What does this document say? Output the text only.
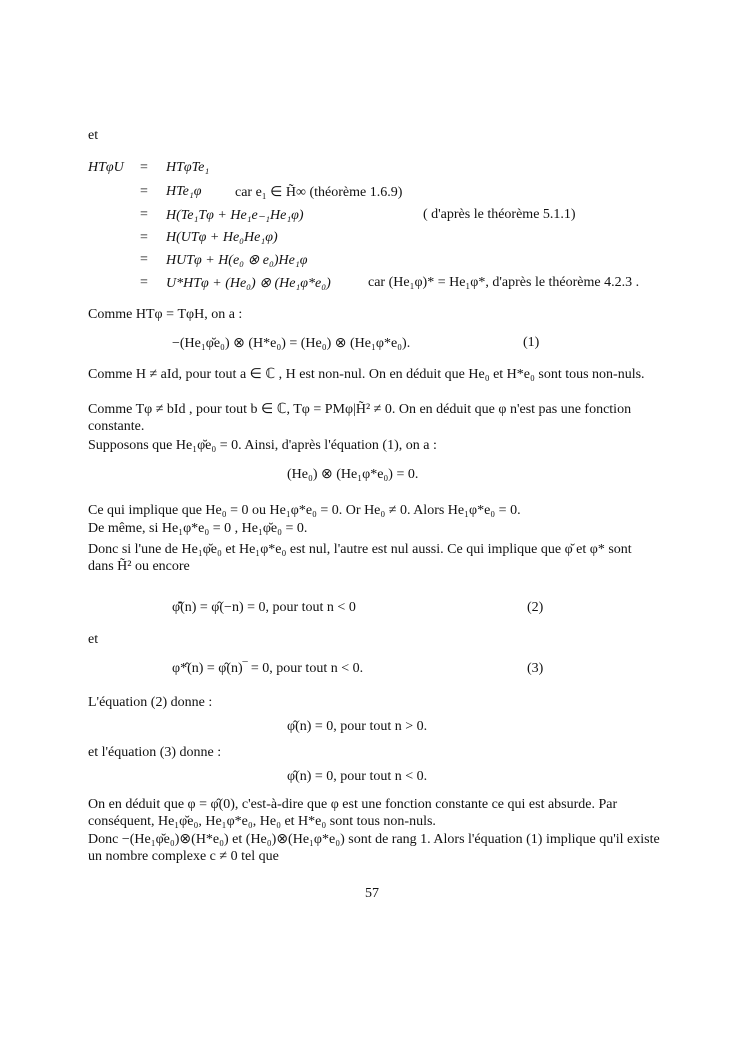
et
HTφU = HTφTe₁
= HTe₁φ car e₁ ∈ H̃∞ (théorème 1.6.9)
= H(Te₁Tφ + He₁e₋₁He₁φ)	( d'après le théorème 5.1.1)
= H(UTφ + He₀He₁φ)
= HUTφ + H(e₀ ⊗ e₀)He₁φ
= U*HTφ + (He₀) ⊗ (He₁φ*e₀)	car (He₁φ)* = He₁φ*, d'après le théorème 4.2.3 .
Comme HTφ = TφH, on a :
−(He₁φ̆e₀) ⊗ (H*e₀) = (He₀) ⊗ (He₁φ*e₀).	(1)
Comme H ≠ aId, pour tout a ∈ ℂ , H est non-nul. On en déduit que He₀ et H*e₀ sont tous non-nuls.
Comme Tφ ≠ bId , pour tout b ∈ ℂ, Tφ = PMφ|H̃² ≠ 0. On en déduit que φ n'est pas une fonction constante.
Supposons que He₁φ̆e₀ = 0. Ainsi, d'après l'équation (1), on a :
(He₀) ⊗ (He₁φ*e₀) = 0.
Ce qui implique que He₀ = 0 ou He₁φ*e₀ = 0. Or He₀ ≠ 0. Alors He₁φ*e₀ = 0.
De même, si He₁φ*e₀ = 0 , He₁φ̆e₀ = 0.
Donc si l'une de He₁φ̆e₀ et He₁φ*e₀ est nul, l'autre est nul aussi. Ce qui implique que φ̆ et φ* sont dans H̃² ou encore
φ̆̂(n) = φ̂(−n) = 0, pour tout n < 0	(2)
et
φ*̂(n) = φ̂(n)‾ = 0, pour tout n < 0.	(3)
L'équation (2) donne :
φ̂(n) = 0, pour tout n > 0.
et l'équation (3) donne :
φ̂(n) = 0, pour tout n < 0.
On en déduit que φ = φ̂(0), c'est-à-dire que φ est une fonction constante ce qui est absurde. Par conséquent, He₁φ̆e₀, He₁φ*e₀, He₀ et H*e₀ sont tous non-nuls.
Donc −(He₁φ̆e₀)⊗(H*e₀) et (He₀)⊗(He₁φ*e₀) sont de rang 1. Alors l'équation (1) implique qu'il existe un nombre complexe c ≠ 0 tel que
57
